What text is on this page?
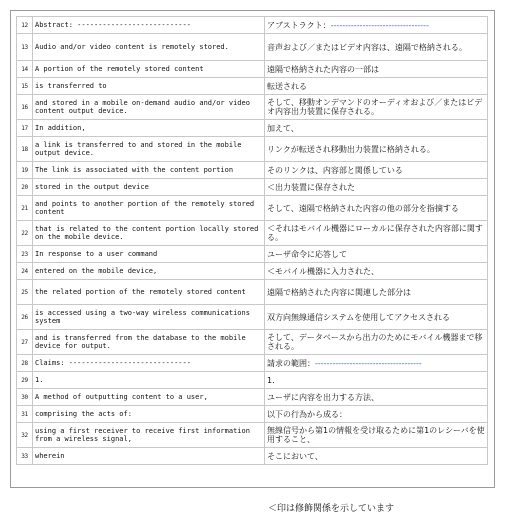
12	Abstract: ---------------------------	アブストラクト：----------------------------------
13	Audio and/or video content is remotely stored.	音声および／またはビデオ内容は、遠隔で格納される。
14	A portion of the remotely stored content	遠隔で格納された内容の一部は
15	is transferred to	転送される
16	and stored in a mobile on-demand audio and/or video content output device.	そして、移動オンデマンドのオーディオおよび／またはビデオ内容出力装置に保存される。
17	In addition,	加えて、
18	a link is transferred to and stored in the mobile output device.	リンクが転送され移動出力装置に格納される。
19	The link is associated with the content portion	そのリンクは、内容部と関係している
20	stored in the output device	＜出力装置に保存された
21	and points to another portion of the remotely stored content	そして、遠隔で格納された内容の他の部分を指摘する
22	that is related to the content portion locally stored on the mobile device.	＜それはモバイル機器にローカルに保存された内容部に関する。
23	In response to a user command	ユーザ命令に応答して
24	entered on the mobile device,	＜モバイル機器に入力された、
25	the related portion of the remotely stored content	遠隔で格納された内容に関連した部分は
26	is accessed using a two-way wireless communications system	双方向無線通信システムを使用してアクセスされる
27	and is transferred from the database to the mobile device for output.	そして、データベースから出力のためにモバイル機器まで移される。
28	Claims: -----------------------------	請求の範囲：-------------------------------------
29	1.	1.
30	A method of outputting content to a user,	ユーザに内容を出力する方法、
31	comprising the acts of:	以下の行為から成る：
32	using a first receiver to receive first information from a wireless signal,	無線信号から第1の情報を受け取るために第1のレシーバを使用すること、
33	wherein	そこにおいて、
＜印は修飾関係を示しています
